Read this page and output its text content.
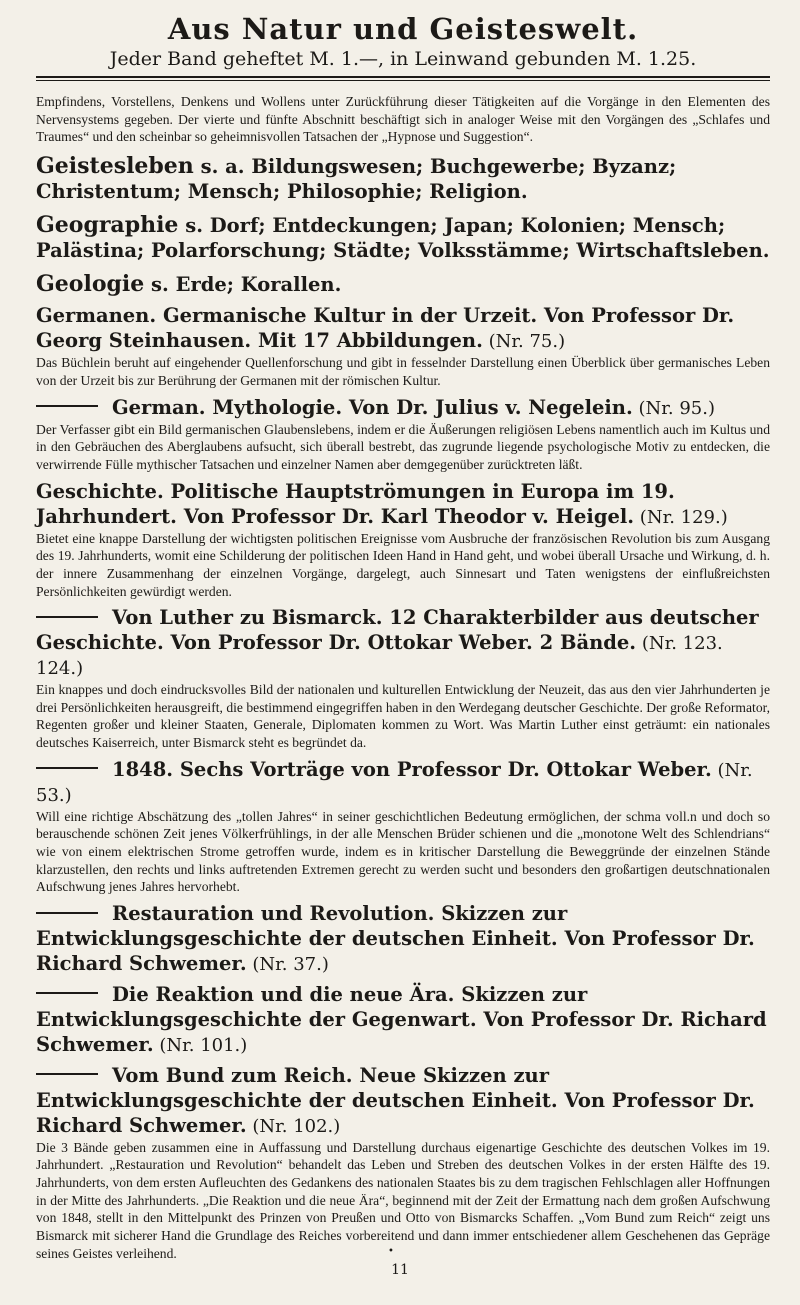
Aus Natur und Geisteswelt.
Jeder Band geheftet M. 1.—, in Leinwand gebunden M. 1.25.
Empfindens, Vorstellens, Denkens und Wollens unter Zurückführung dieser Tätigkeiten auf die Vorgänge in den Elementen des Nervensystems gegeben. Der vierte und fünfte Abschnitt beschäftigt sich in analoger Weise mit den Vorgängen des „Schlafes und Traumes“ und den scheinbar so geheimnisvollen Tatsachen der „Hypnose und Suggestion“.
Geistesleben s. a. Bildungswesen; Buchgewerbe; Byzanz; Christentum; Mensch; Philosophie; Religion.
Geographie s. Dorf; Entdeckungen; Japan; Kolonien; Mensch; Palästina; Polarforschung; Städte; Volksstämme; Wirtschaftsleben.
Geologie s. Erde; Korallen.
Germanen. Germanische Kultur in der Urzeit. Von Professor Dr. Georg Steinhausen. Mit 17 Abbildungen. (Nr. 75.)
Das Büchlein beruht auf eingehender Quellenforschung und gibt in fesselnder Darstellung einen Überblick über germanisches Leben von der Urzeit bis zur Berührung der Germanen mit der römischen Kultur.
German. Mythologie. Von Dr. Julius v. Negelein. (Nr. 95.)
Der Verfasser gibt ein Bild germanischen Glaubenslebens, indem er die Äußerungen religiösen Lebens namentlich auch im Kultus und in den Gebräuchen des Aberglaubens aufsucht, sich überall bestrebt, das zugrunde liegende psychologische Motiv zu entdecken, die verwirrende Fülle mythischer Tatsachen und einzelner Namen aber demgegenüber zurücktreten läßt.
Geschichte. Politische Hauptströmungen in Europa im 19. Jahrhundert. Von Professor Dr. Karl Theodor v. Heigel. (Nr. 129.)
Bietet eine knappe Darstellung der wichtigsten politischen Ereignisse vom Ausbruche der französischen Revolution bis zum Ausgang des 19. Jahrhunderts, womit eine Schilderung der politischen Ideen Hand in Hand geht, und wobei überall Ursache und Wirkung, d. h. der innere Zusammenhang der einzelnen Vorgänge, dargelegt, auch Sinnesart und Taten wenigstens der einflußreichsten Persönlichkeiten gewürdigt werden.
Von Luther zu Bismarck. 12 Charakterbilder aus deutscher Geschichte. Von Professor Dr. Ottokar Weber. 2 Bände. (Nr. 123. 124.)
Ein knappes und doch eindrucksvolles Bild der nationalen und kulturellen Entwicklung der Neuzeit, das aus den vier Jahrhunderten je drei Persönlichkeiten herausgreift, die bestimmend eingegriffen haben in den Werdegang deutscher Geschichte. Der große Reformator, Regenten großer und kleiner Staaten, Generale, Diplomaten kommen zu Wort. Was Martin Luther einst geträumt: ein nationales deutsches Kaiserreich, unter Bismarck steht es begründet da.
1848. Sechs Vorträge von Professor Dr. Ottokar Weber. (Nr. 53.)
Will eine richtige Abschätzung des „tollen Jahres“ in seiner geschichtlichen Bedeutung ermöglichen, der schma voll.n und doch so berauschende schönen Zeit jenes Völkerfrühlings, in der alle Menschen Brüder schienen und die „monotone Welt des Schlendrians“ wie von einem elektrischen Strome getroffen wurde, indem es in kritischer Darstellung die Beweggründe der einzelnen Stände klarzustellen, den rechts und links auftretenden Extremen gerecht zu werden sucht und besonders den großartigen deutschnationalen Aufschwung jenes Jahres hervorhebt.
Restauration und Revolution. Skizzen zur Entwicklungsgeschichte der deutschen Einheit. Von Professor Dr. Richard Schwemer. (Nr. 37.)
Die Reaktion und die neue Ära. Skizzen zur Entwicklungsgeschichte der Gegenwart. Von Professor Dr. Richard Schwemer. (Nr. 101.)
Vom Bund zum Reich. Neue Skizzen zur Entwicklungsgeschichte der deutschen Einheit. Von Professor Dr. Richard Schwemer. (Nr. 102.)
Die 3 Bände geben zusammen eine in Auffassung und Darstellung durchaus eigenartige Geschichte des deutschen Volkes im 19. Jahrhundert. „Restauration und Revolution“ behandelt das Leben und Streben des deutschen Volkes in der ersten Hälfte des 19. Jahrhunderts, von dem ersten Aufleuchten des Gedankens des nationalen Staates bis zu dem tragischen Fehlschlagen aller Hoffnungen in der Mitte des Jahrhunderts. „Die Reaktion und die neue Ära“, beginnend mit der Zeit der Ermattung nach dem großen Aufschwung von 1848, stellt in den Mittelpunkt des Prinzen von Preußen und Otto von Bismarcks Schaffen. „Vom Bund zum Reich“ zeigt uns Bismarck mit sicherer Hand die Grundlage des Reiches vorbereitend und dann immer entschiedener allem Geschehenen das Gepräge seines Geistes verleihend.	•
11
